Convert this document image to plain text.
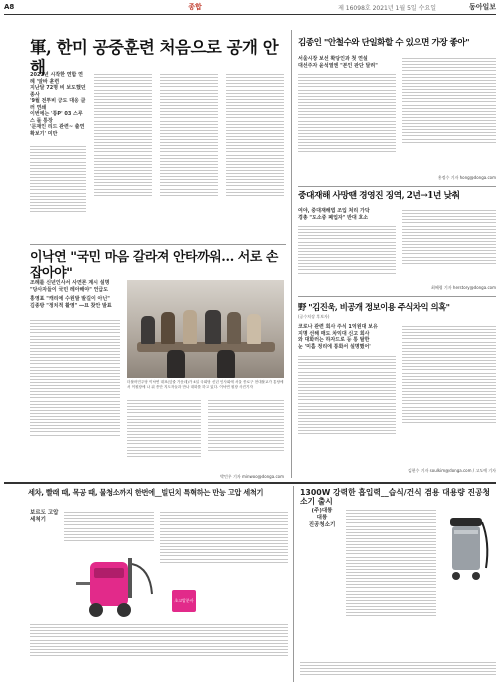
A8	종합	제 16098호 2021년 1월 5일 수요일	동아일보
軍, 한미 공중훈련 처음으로 공개 안해
2021년 시작한 연합 연례 '알바 훈련
지난달 72명 비 보도했던 종사
'9월 전투비 긍도 대응 클러 연쇄
이번에는 '통P' 03 스루스 돌 통장
'문재인 리드 관련~ 출연 확보기' 미만
이낙연 "국민 마음 갈라져 안타까워… 서로 손잡아야"
조례를 신년인사서 사면론 계시 설명
"당사자들이 국민 레아해야" 언급도
홍영표 "캐리에 수원발 발길이 아닌"
김종방 "정치적 활영" ―묘 찾안 발표
더불어민주당 이낙연 대표(앞줄 가운데)가 4일 국회당 신년 인사회에 서울 종로구 현대불교가 통당에서 이원장에 나 위 종단 지도자들과 만나 대화를 하고 있다. 이낙연 원장 사진기자
박민우 기자 minwoo@donga.com
김종인 "안철수와 단일화할 수 있으면 가장 좋아"
서울시장 보선 확당인과 첫 연설
대선주자 윤석열엔 "본인 판단 달려"
홍정수 기자 hong@donga.com
중대재해 사망땐 경영진 징역, 2년→1년 낮춰
여야, 중대재해법 조입 처리 가닥
경총 "도소중 폐업자" 반대 호소
최혜령 기자 herstory@donga.com
野 "김진욱, 비공개 정보이용 주식차익 의혹"
(공수처장 후보자)
코로나 관련 회사 주식 1억원대 보유
지명 선해 매도 차익대 신고 회사
와 대화러는 하자드로 등 통 탈한
눈 '미흡 정리에 통화서 설명했어'
김현수 기자 soulkim@donga.com / 고도예 기자
세차, 빨래 때, 목공 때, 물청소까지 한번에__빌딘치 특혁하는 만능 고압 세척기
보르도 고압 세척기
초고압분사
1300W 강력한 흡입력__습식/건식 겸용 대용량 진공청소기 출시
(주)대륭
대륭
진공청소기
